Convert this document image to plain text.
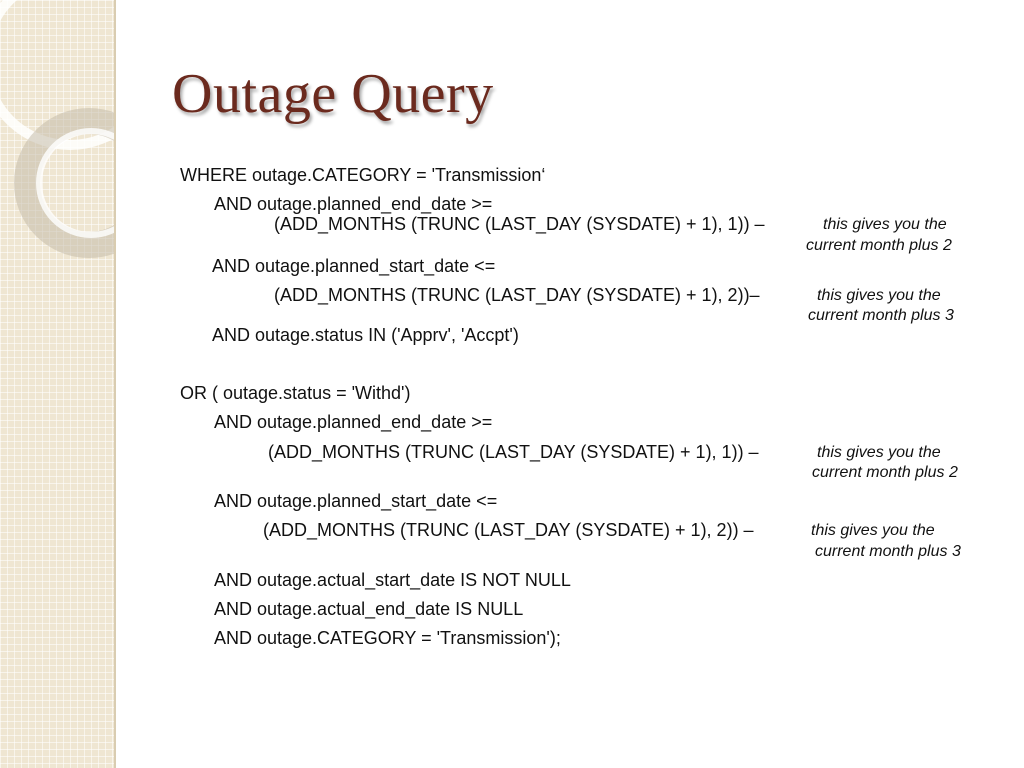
Outage Query
WHERE outage.CATEGORY = 'Transmission‘
AND outage.planned_end_date >=
(ADD_MONTHS (TRUNC (LAST_DAY (SYSDATE) + 1), 1)) –	this gives you the
current month plus 2
AND outage.planned_start_date <=
(ADD_MONTHS (TRUNC (LAST_DAY (SYSDATE) + 1), 2))–	this gives you the
current month plus 3
AND outage.status IN ('Apprv', 'Accpt')
OR ( outage.status = 'Withd')
AND outage.planned_end_date >=
(ADD_MONTHS (TRUNC (LAST_DAY (SYSDATE) + 1), 1)) –	this gives you the
current month plus 2
AND outage.planned_start_date <=
(ADD_MONTHS (TRUNC (LAST_DAY (SYSDATE) + 1), 2)) –	this gives you the
current month plus 3
AND outage.actual_start_date IS NOT NULL
AND outage.actual_end_date IS NULL
AND outage.CATEGORY = 'Transmission');
